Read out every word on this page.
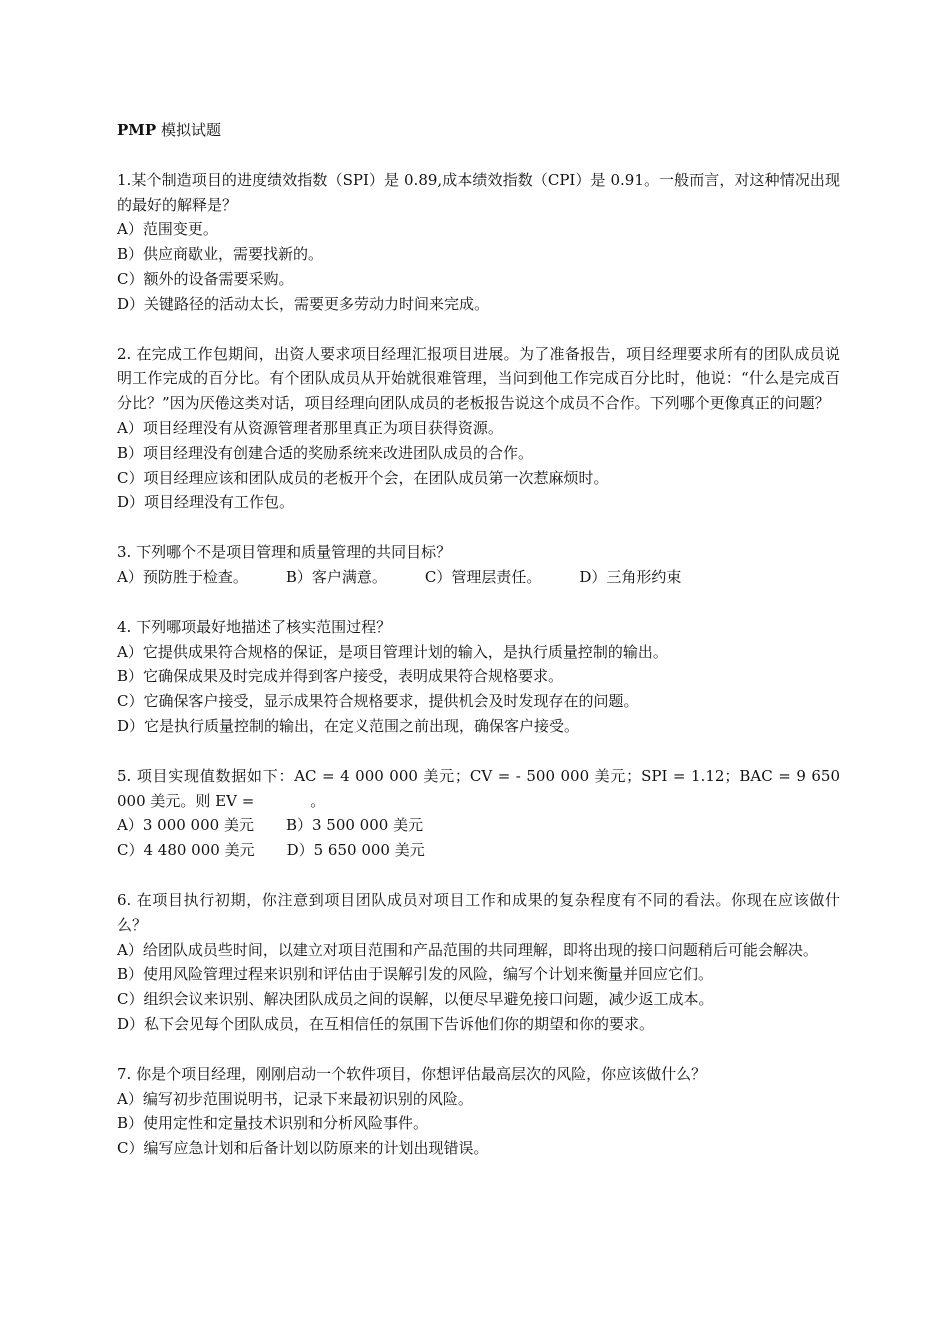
PMP 模拟试题

1.某个制造项目的进度绩效指数（SPI）是 0.89,成本绩效指数（CPI）是 0.91。一般而言，对这种情况出现的最好的解释是？

A）范围变更。

B）供应商歇业，需要找新的。

C）额外的设备需要采购。

D）关键路径的活动太长，需要更多劳动力时间来完成。

2. 在完成工作包期间，出资人要求项目经理汇报项目进展。为了准备报告，项目经理要求所有的团队成员说明工作完成的百分比。有个团队成员从开始就很难管理，当问到他工作完成百分比时，他说：“什么是完成百分比？”因为厌倦这类对话，项目经理向团队成员的老板报告说这个成员不合作。下列哪个更像真正的问题？

A）项目经理没有从资源管理者那里真正为项目获得资源。

B）项目经理没有创建合适的奖励系统来改进团队成员的合作。

C）项目经理应该和团队成员的老板开个会，在团队成员第一次惹麻烦时。

D）项目经理没有工作包。

3. 下列哪个不是项目管理和质量管理的共同目标？

A）预防胜于检查。	B）客户满意。	C）管理层责任。	D）三角形约束

4. 下列哪项最好地描述了核实范围过程？

A）它提供成果符合规格的保证，是项目管理计划的输入，是执行质量控制的输出。

B）它确保成果及时完成并得到客户接受，表明成果符合规格要求。

C）它确保客户接受，显示成果符合规格要求，提供机会及时发现存在的问题。

D）它是执行质量控制的输出，在定义范围之前出现，确保客户接受。

5. 项目实现值数据如下：AC = 4 000 000 美元；CV = - 500 000 美元；SPI = 1.12；BAC = 9 650 000 美元。则 EV =	。

A）3 000 000 美元 B）3 500 000 美元

C）4 480 000 美元 D）5 650 000 美元

6. 在项目执行初期，你注意到项目团队成员对项目工作和成果的复杂程度有不同的看法。你现在应该做什么？

A）给团队成员些时间，以建立对项目范围和产品范围的共同理解，即将出现的接口问题稍后可能会解决。

B）使用风险管理过程来识别和评估由于误解引发的风险，编写个计划来衡量并回应它们。

C）组织会议来识别、解决团队成员之间的误解，以便尽早避免接口问题，减少返工成本。

D）私下会见每个团队成员，在互相信任的氛围下告诉他们你的期望和你的要求。

7. 你是个项目经理，刚刚启动一个软件项目，你想评估最高层次的风险，你应该做什么？

A）编写初步范围说明书，记录下来最初识别的风险。

B）使用定性和定量技术识别和分析风险事件。

C）编写应急计划和后备计划以防原来的计划出现错误。
